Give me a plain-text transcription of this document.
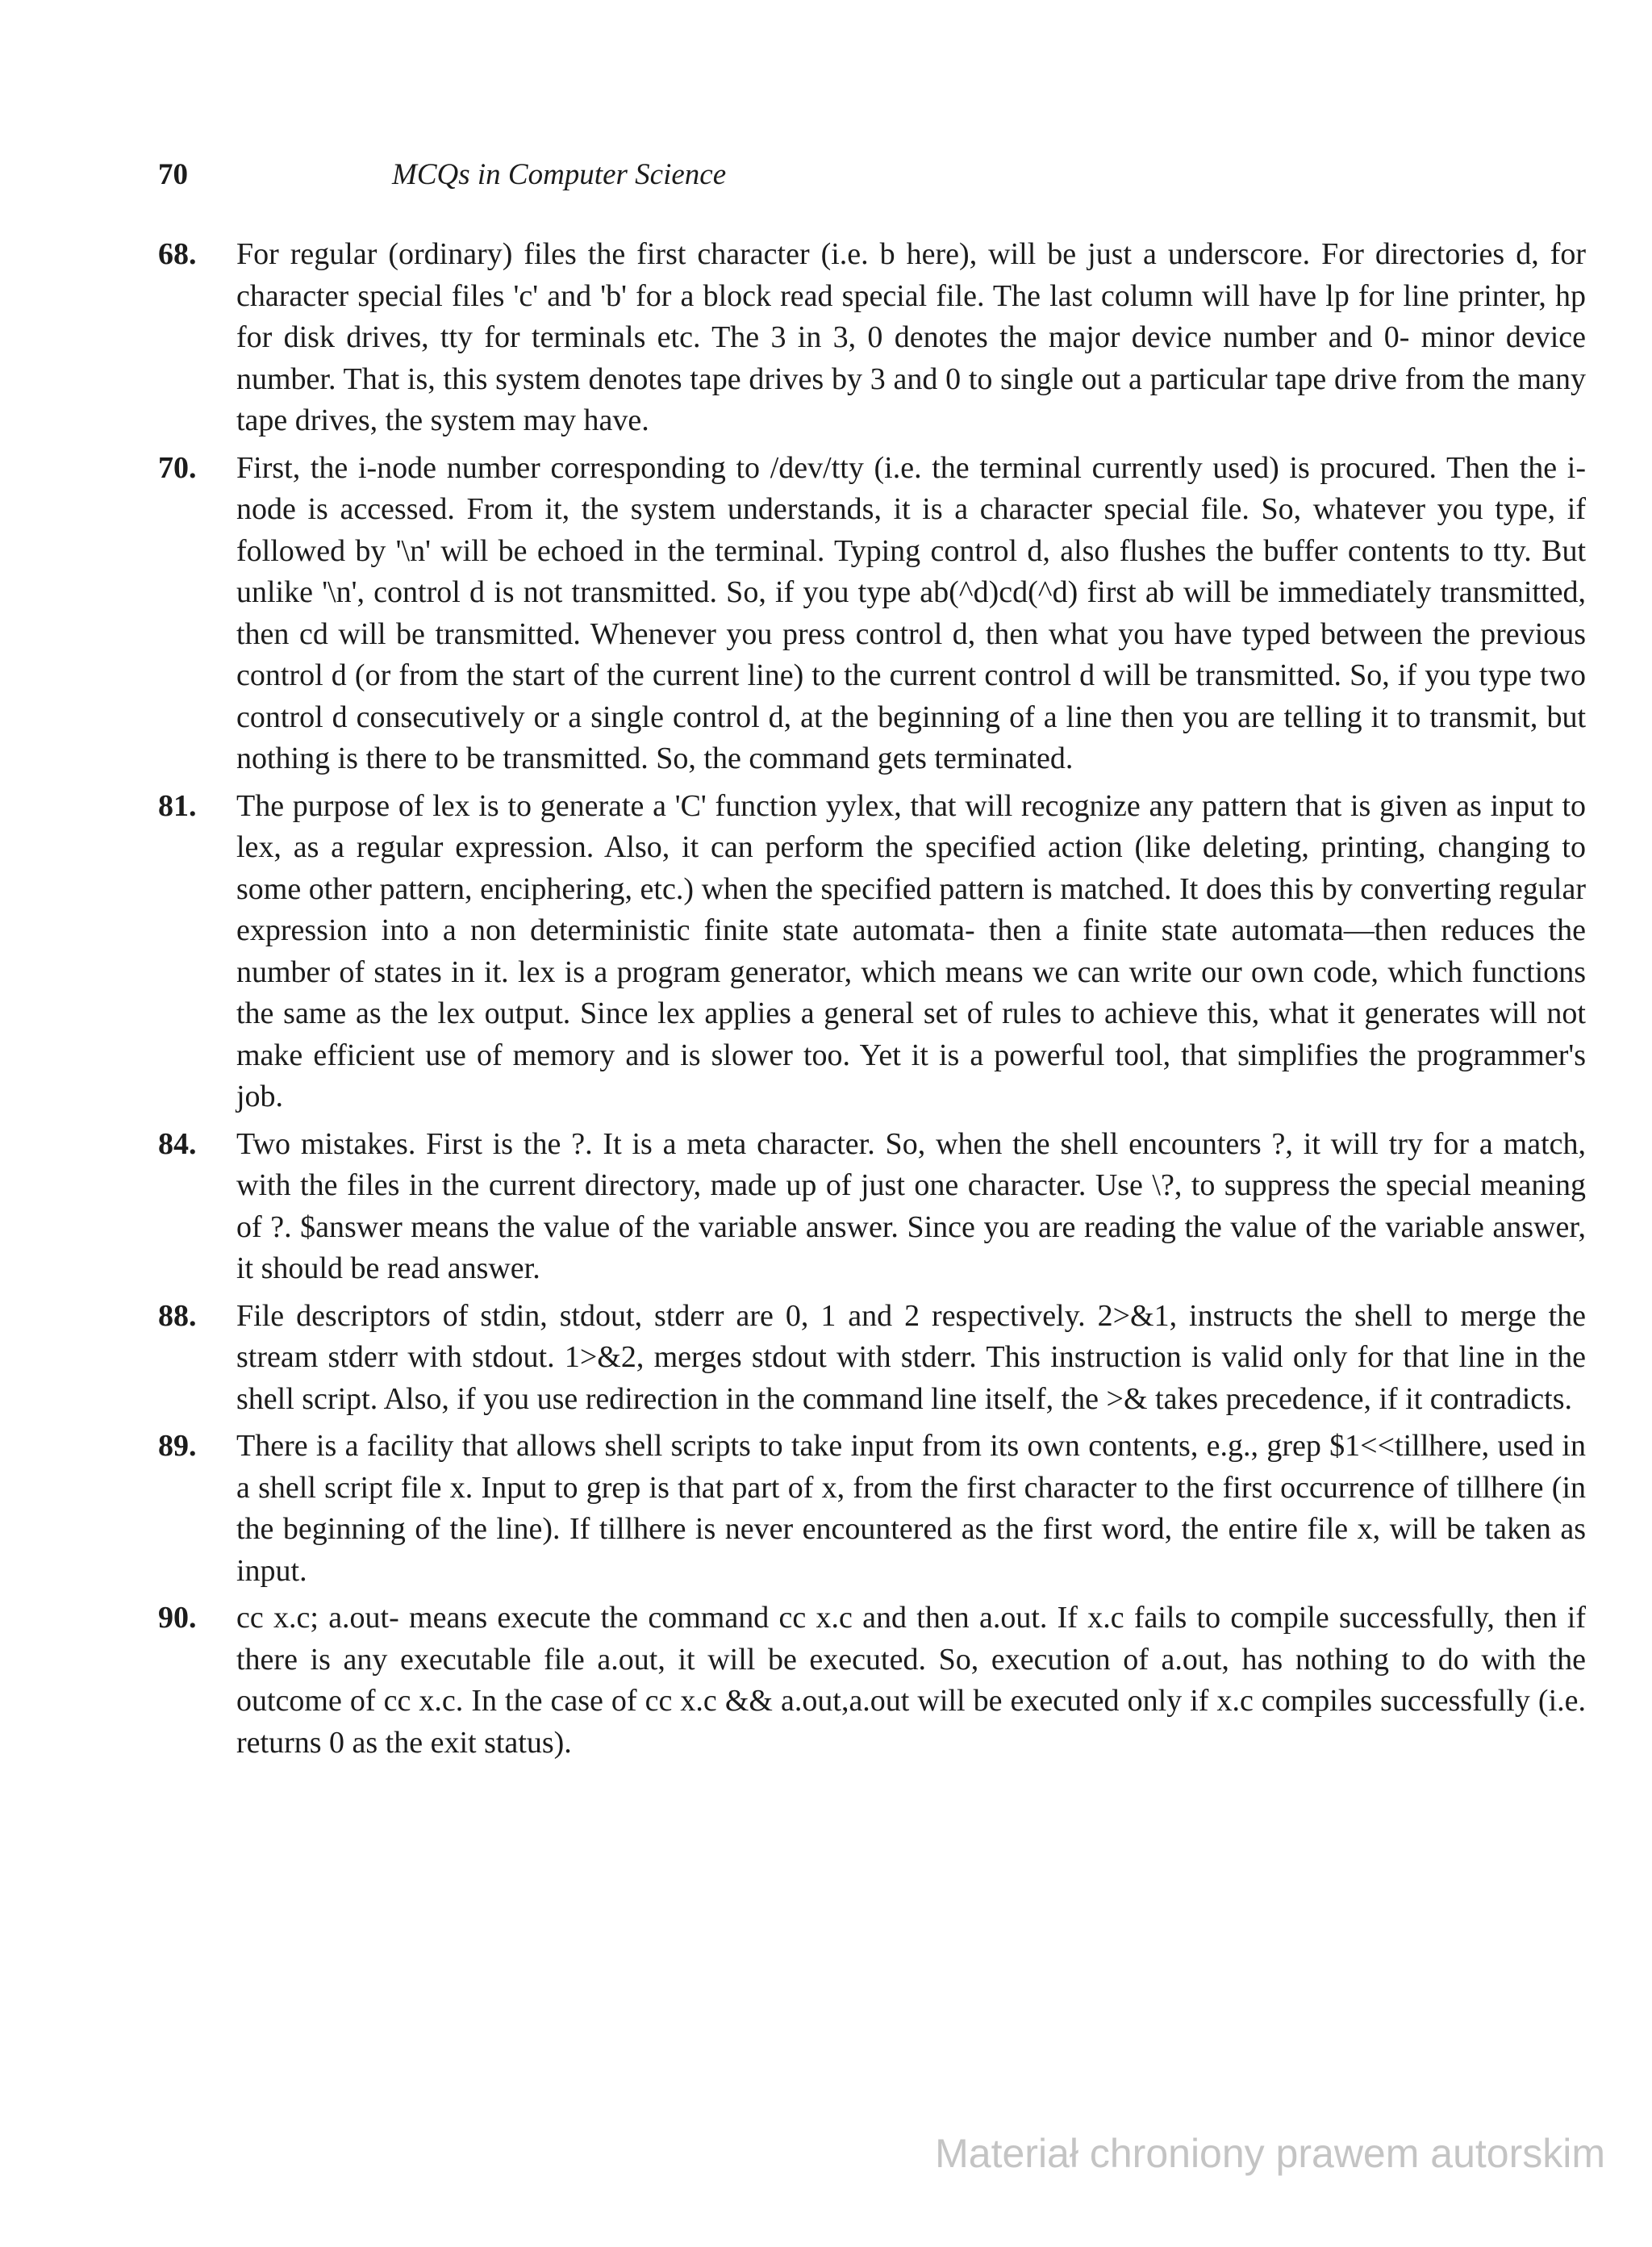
70	MCQs in Computer Science
68.	For regular (ordinary) files the first character (i.e. b here), will be just a underscore. For directories d, for character special files 'c' and 'b' for a block read special file. The last column will have lp for line printer, hp for disk drives, tty for terminals etc. The 3 in 3, 0 denotes the major device number and 0- minor device number. That is, this system denotes tape drives by 3 and 0 to single out a particular tape drive from the many tape drives, the system may have.
70.	First, the i-node number corresponding to /dev/tty (i.e. the terminal currently used) is procured. Then the i-node is accessed. From it, the system understands, it is a character special file. So, whatever you type, if followed by '\n' will be echoed in the terminal. Typing control d, also flushes the buffer contents to tty. But unlike '\n', control d is not transmitted. So, if you type ab(^d)cd(^d) first ab will be immediately transmitted, then cd will be transmitted. Whenever you press control d, then what you have typed between the previous control d (or from the start of the current line) to the current control d will be transmitted. So, if you type two control d consecutively or a single control d, at the beginning of a line then you are telling it to transmit, but nothing is there to be transmitted. So, the command gets terminated.
81.	The purpose of lex is to generate a 'C' function yylex, that will recognize any pattern that is given as input to lex, as a regular expression. Also, it can perform the specified action (like deleting, printing, changing to some other pattern, enciphering, etc.) when the specified pattern is matched. It does this by converting regular expression into a non deterministic finite state automata- then a finite state automata—then reduces the number of states in it. lex is a program generator, which means we can write our own code, which functions the same as the lex output. Since lex applies a general set of rules to achieve this, what it generates will not make efficient use of memory and is slower too. Yet it is a powerful tool, that simplifies the programmer's job.
84.	Two mistakes. First is the ?. It is a meta character. So, when the shell encounters ?, it will try for a match, with the files in the current directory, made up of just one character. Use \?, to suppress the special meaning of ?. $answer means the value of the variable answer. Since you are reading the value of the variable answer, it should be read answer.
88.	File descriptors of stdin, stdout, stderr are 0, 1 and 2 respectively. 2>&1, instructs the shell to merge the stream stderr with stdout. 1>&2, merges stdout with stderr. This instruction is valid only for that line in the shell script. Also, if you use redirection in the command line itself, the >& takes precedence, if it contradicts.
89.	There is a facility that allows shell scripts to take input from its own contents, e.g., grep $1<<tillhere, used in a shell script file x. Input to grep is that part of x, from the first character to the first occurrence of tillhere (in the beginning of the line). If tillhere is never encountered as the first word, the entire file x, will be taken as input.
90.	cc x.c; a.out- means execute the command cc x.c and then a.out. If x.c fails to compile successfully, then if there is any executable file a.out, it will be executed. So, execution of a.out, has nothing to do with the outcome of cc x.c. In the case of cc x.c && a.out,a.out will be executed only if x.c compiles successfully (i.e. returns 0 as the exit status).
Materiał chroniony prawem autorskim
